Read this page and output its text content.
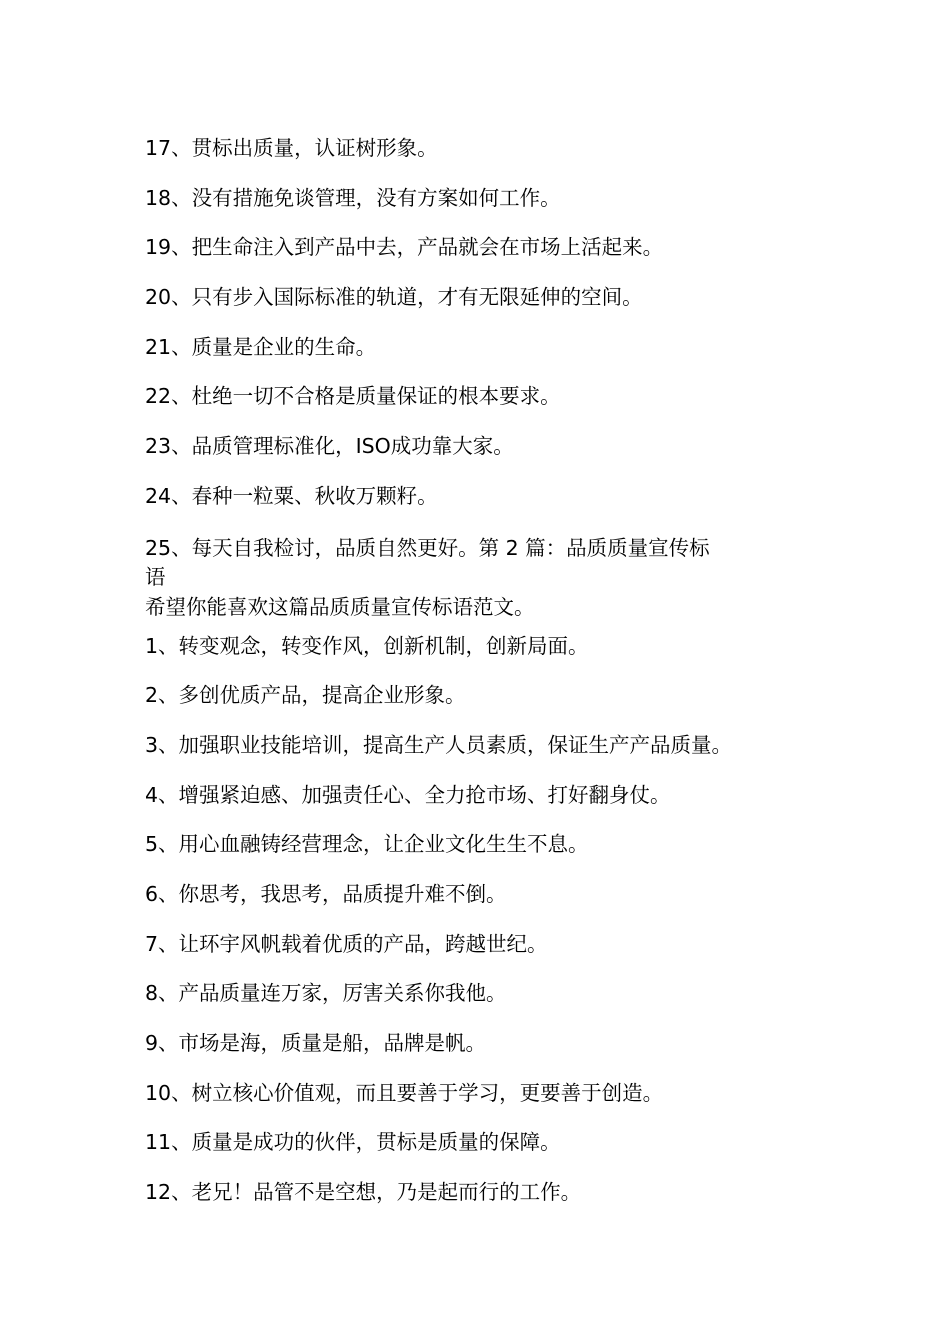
17、贯标出质量，认证树形象。
18、没有措施免谈管理，没有方案如何工作。
19、把生命注入到产品中去，产品就会在市场上活起来。
20、只有步入国际标准的轨道，才有无限延伸的空间。
21、质量是企业的生命。
22、杜绝一切不合格是质量保证的根本要求。
23、品质管理标准化，ISO成功靠大家。
24、春种一粒粟、秋收万颗籽。
25、每天自我检讨，品质自然更好。第 2 篇：品质质量宣传标
语
希望你能喜欢这篇品质质量宣传标语范文。
1、转变观念，转变作风，创新机制，创新局面。
2、多创优质产品，提高企业形象。
3、加强职业技能培训，提高生产人员素质，保证生产产品质量。
4、增强紧迫感、加强责任心、全力抢市场、打好翻身仗。
5、用心血融铸经营理念，让企业文化生生不息。
6、你思考，我思考，品质提升难不倒。
7、让环宇风帆载着优质的产品，跨越世纪。
8、产品质量连万家，厉害关系你我他。
9、市场是海，质量是船，品牌是帆。
10、树立核心价值观，而且要善于学习，更要善于创造。
11、质量是成功的伙伴，贯标是质量的保障。
12、老兄！品管不是空想，乃是起而行的工作。
